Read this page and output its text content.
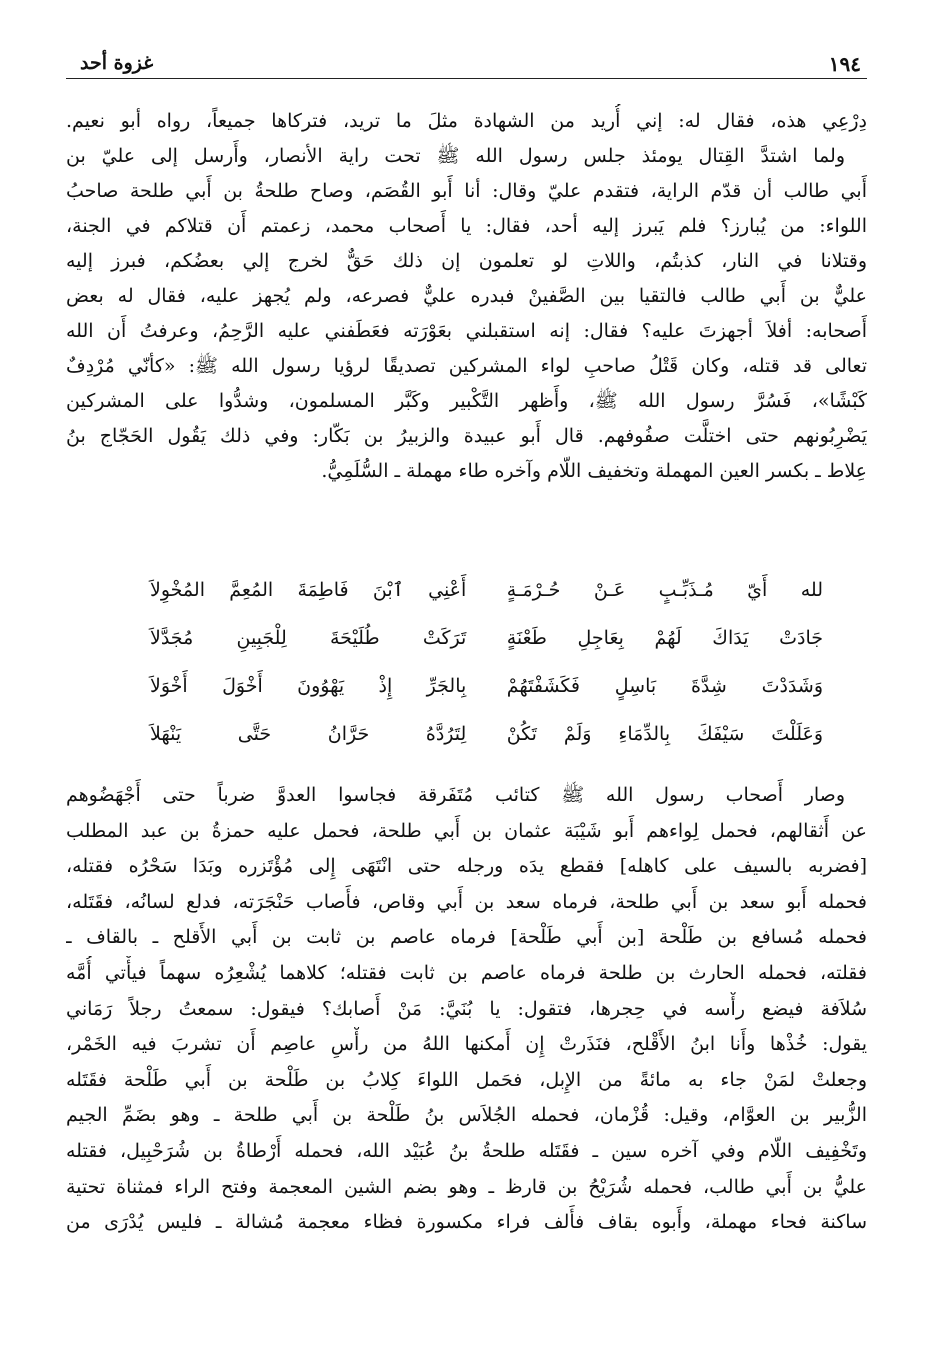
غزوة أحد	١٩٤
دِرْعِي هذه، فقال له: إني أُريد من الشهادة مثلَ ما تريد، فتركاها جميعاً، رواه أبو نعيم.
ولما اشتدَّ القِتال يومئذ جلس رسول الله ﷺ تحت راية الأنصار، وأَرسل إلى عليّ بن
أَبي طالب أن قدّم الراية، فتقدم عليّ وقال: أنا أَبو القُصَم، وصاح طلحةُ بن أَبي طلحة صاحبُ
اللواء: من يُبارز؟ فلم يَبرز إليه أحد، فقال: يا أَصحاب محمد، زعمتم أَن قتلاكم في الجنة،
وقتلانا في النار، كذبتُم، واللاتِ لو تعلمون إن ذلك حَقٌّ لخرج إلي بعضُكم، فبرز إليه
عليٌّ بن أَبي طالب فالتقيا بين الصَّفينْ فبدره عليٌّ فصرعه، ولم يُجهز عليه، فقال له بعض
أَصحابه: أفلاَ أجهزتَ عليه؟ فقال: إنه استقبلني بعَوْرَته فعَطَفني عليه الرَّحِمُ، وعرفتُ أَن الله
تعالى قد قتله، وكان قَتْلُ صاحبِ لواء المشركين تصديقًا لرؤيا رسول الله ﷺ: «كأنّي مُرْدِفٌ
كَبْشًا»، فَسُرَّ رسول الله ﷺ، وأَظهر التَّكْبير وكَبَّر المسلمون، وشدُّوا على المشركين
يَضْرِبُونهم حتى اختلَّت صفُوفهم. قال أَبو عبيدة والزبيرُ بن بَكّار: وفي ذلك يَقُول الحَجّاج بنُ
عِلاط ـ بكسر العين المهملة وتخفيف اللّام وآخره طاء مهملة ـ السُّلَمِيُّ.
لله أَيّ مُـذَبِّـبٍ عَـنْ حُـرْمَـةٍ
أَعْنِي ٱبْنَ فَاطِمَةَ المُعِمَّ المُخْوِلاَ
جَادَتْ يَدَاكَ لَهُمْ بِعَاجِلِ طَعْنَةٍ
تَرَكَتْ طُلَيْحَةَ لِلْجَبِينِ مُجَدَّلاَ
وَشَدَدْتَ شِدَّةَ بَاسِلٍ فَكَشَفْتَهُمْ
بِالجَرِّ إِذْ يَهْوُونَ أَخْوَلَ أَخْوَلاَ
وَعَلَلْتَ سَيْفَكَ بِالدِّمَاءِ وَلَمْ تَكُنْ
لِتَرُدَّهُ حَرَّانُ حَتَّى يَنْهَلاَ
وصار أَصحاب رسول الله ﷺ كتائب مُتَفَرقة فجاسوا العدوَّ ضرباً حتى أَجْهَضُوهم
عن أَثقالهم، فحمل لِواءهم أَبو شَيْبَة عثمان بن أَبي طلحة، فحمل عليه حمزةُ بن عبد المطلب
[فضربه بالسيف على كاهله] فقطع يدَه ورجله حتى انْتَهَى إِلى مُؤْتَزره وبَدَا سَحْرُه فقتله،
فحمله أَبو سعد بن أَبي طلحة، فرماه سعد بن أَبي وقاص، فأَصاب حَنْجَرَته، فدلع لسانُه، فقَتَله،
فحمله مُسافع بن طَلْحة [بن أَبي طَلْحة] فرماه عاصم بن ثابت بن أَبي الأَقلح ـ بالقاف ـ
فقلته، فحمله الحارث بن طلحة فرماه عاصم بن ثابت فقتله؛ كلاهما يُشْعِرُه سهماً فيأْتي أُمَّه
سُلاَفة فيضع رأْسه في حِجرها، فتقول: يا بُنَيَّ: مَنْ أَصابك؟ فيقول: سمعتُ رجلاً رَمَاني
يقول: خُذْها وأَنا ابنُ الأَقْلح، فنَذَرتْ إِن أَمكنها اللهُ من رأْسِ عاصِم أَن تشربَ فيه الخَمْر،
وجعلتْ لمَنْ جاء به مائةً من الإِبل، فحَمل اللواءَ كِلابُ بن طَلْحة بن أَبي طَلْحة فقَتَله
الزُّبير بن العوَّام، وقيل: قُزْمان، فحمله الجُلاَس بنُ طَلْحة بن أَبي طلحة ـ وهو بضَمِّ الجيم
وتَخْفِيف اللّام وفي آخره سين ـ فقَتَله طلحةُ بنُ عُبَيْد الله، فحمله أَرْطاةُ بن شُرَحْبِيل، فقتله
عليُّ بن أَبي طالب، فحمله شُرَيْحُ بن قارظ ـ وهو بضم الشين المعجمة وفتح الراء فمثناة تحتية
ساكنة فحاء مهملة، وأَبوه بقاف فأَلف فراء مكسورة فظاء معجمة مُشالة ـ فليس يُدْرَى من
